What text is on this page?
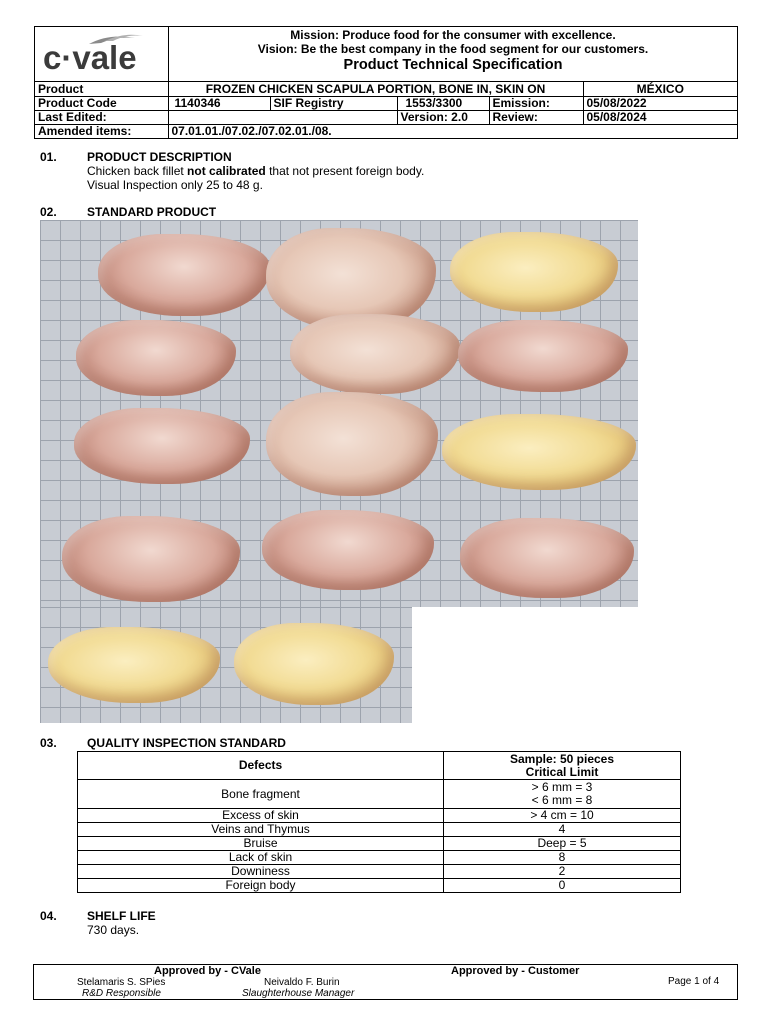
c·vale
Mission: Produce food for the consumer with excellence.
Vision: Be the best company in the food segment for our customers.
Product Technical Specification
Product	FROZEN CHICKEN SCAPULA PORTION, BONE IN, SKIN ON				MÉXICO
Product Code	1140346	SIF Registry	1553/3300	Emission:	05/08/2022
Last Edited:			Version: 2.0	Review:	05/08/2024
Amended items:	07.01.01./07.02./07.02.01./08.				
01.	PRODUCT DESCRIPTION
Chicken back fillet not calibrated that not present foreign body.
Visual Inspection only 25 to 48 g.
02.	STANDARD PRODUCT
03.	QUALITY INSPECTION STANDARD
Defects	Sample: 50 pieces
Critical Limit
Bone fragment	> 6 mm = 3
< 6 mm = 8
Excess of skin	> 4 cm = 10
Veins and Thymus	4
Bruise	Deep = 5
Lack of skin	8
Downiness	2
Foreign body	0
04.	SHELF LIFE
730 days.
Approved by - CVale	Approved by - Customer
Stelamaris S. SPies
R&D Responsible
Neivaldo F. Burin
Slaughterhouse Manager
Page 1 of 4
